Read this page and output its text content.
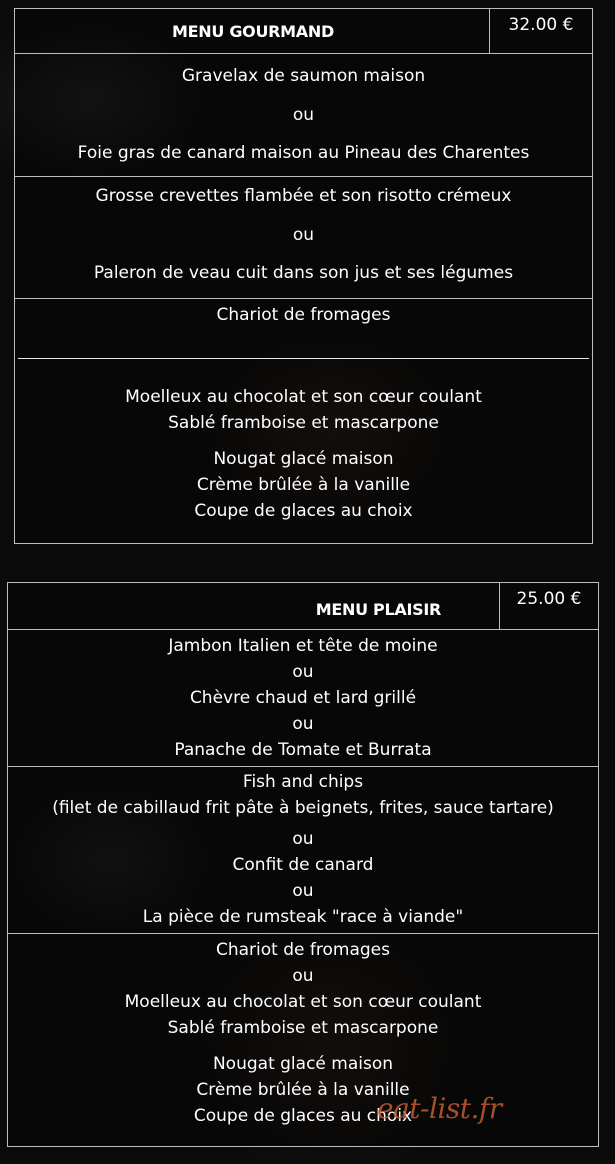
MENU GOURMAND	32.00 €
Gravelax de saumon maison
ou
Foie gras de canard maison au Pineau des Charentes
Grosse crevettes flambée et son risotto crémeux
ou
Paleron de veau cuit dans son jus et ses légumes
Chariot de fromages
Moelleux au chocolat et son cœur coulant
Sablé framboise et mascarpone
Nougat glacé maison
Crème brûlée à la vanille
Coupe de glaces au choix
MENU PLAISIR	25.00 €
Jambon Italien et tête de moine
ou
Chèvre chaud et lard grillé
ou
Panache de Tomate et Burrata
Fish and chips
(filet de cabillaud frit pâte à beignets, frites, sauce tartare)
ou
Confit de canard
ou
La pièce de rumsteak "race à viande"
Chariot de fromages
ou
Moelleux au chocolat et son cœur coulant
Sablé framboise et mascarpone
Nougat glacé maison
Crème brûlée à la vanille
Coupe de glaces au choix
eat-list.fr
